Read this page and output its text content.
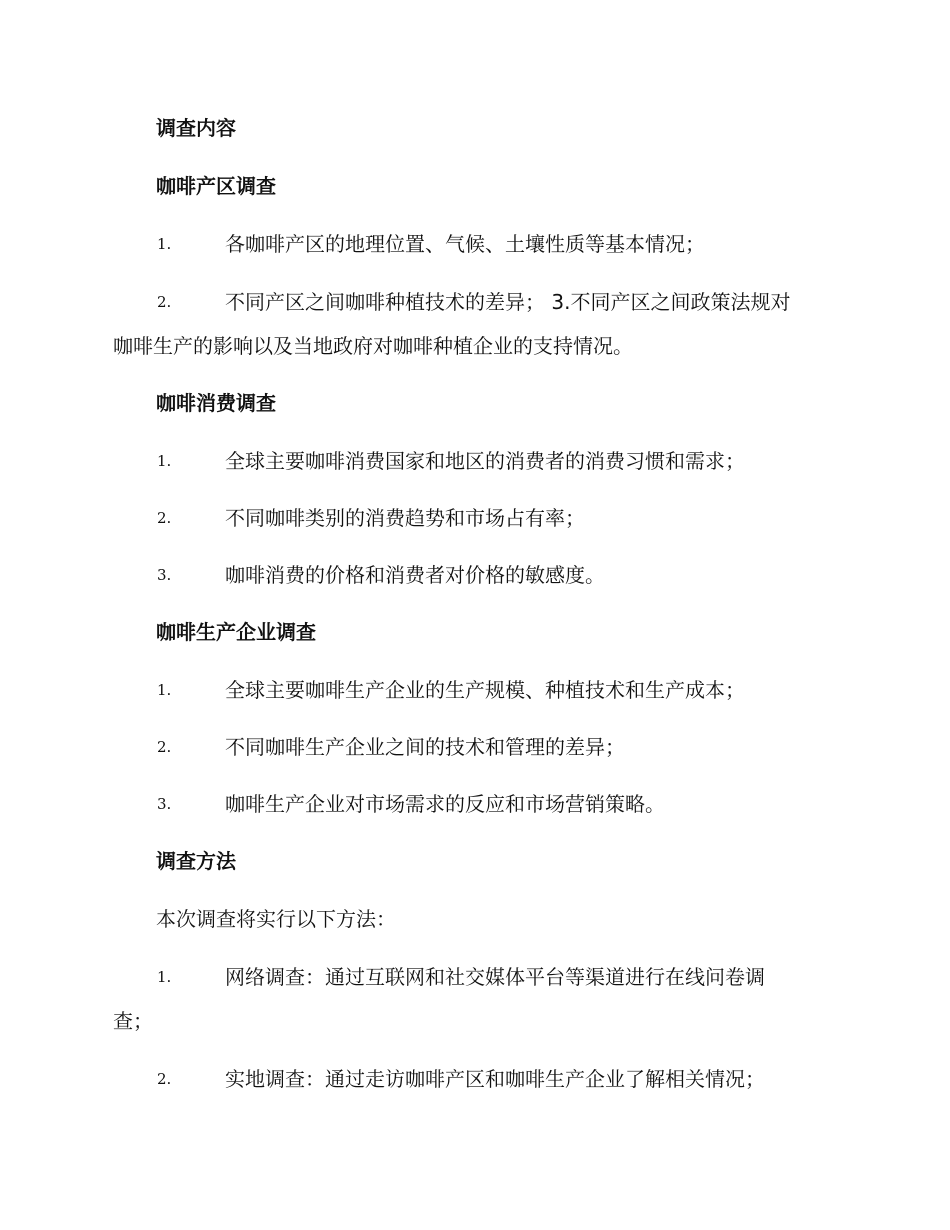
调查内容
咖啡产区调查
1.	各咖啡产区的地理位置、气候、土壤性质等基本情况；
2.	不同产区之间咖啡种植技术的差异； 3.不同产区之间政策法规对
咖啡生产的影响以及当地政府对咖啡种植企业的支持情况。
咖啡消费调查
1.	全球主要咖啡消费国家和地区的消费者的消费习惯和需求；
2.	不同咖啡类别的消费趋势和市场占有率；
3.	咖啡消费的价格和消费者对价格的敏感度。
咖啡生产企业调查
1.	全球主要咖啡生产企业的生产规模、种植技术和生产成本；
2.	不同咖啡生产企业之间的技术和管理的差异；
3.	咖啡生产企业对市场需求的反应和市场营销策略。
调查方法
本次调查将实行以下方法：
1.	网络调查：通过互联网和社交媒体平台等渠道进行在线问卷调
查；
2.	实地调查：通过走访咖啡产区和咖啡生产企业了解相关情况；
